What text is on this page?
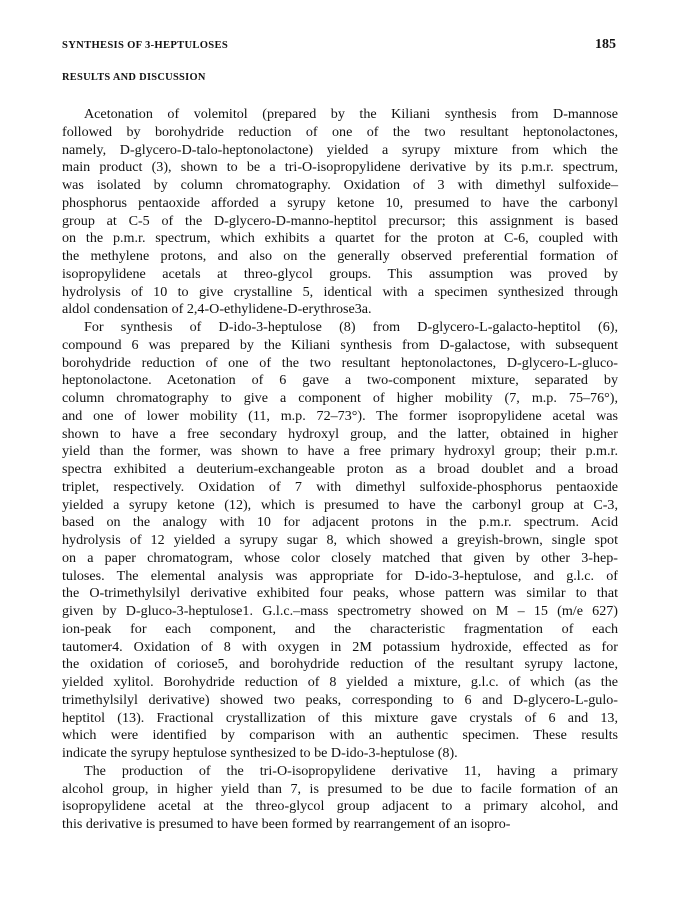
SYNTHESIS OF 3-HEPTULOSES	185
RESULTS AND DISCUSSION
Acetonation of volemitol (prepared by the Kiliani synthesis from D-mannose
followed by borohydride reduction of one of the two resultant heptonolactones,
namely, D-glycero-D-talo-heptonolactone) yielded a syrupy mixture from which the
main product (3), shown to be a tri-O-isopropylidene derivative by its p.m.r. spectrum,
was isolated by column chromatography. Oxidation of 3 with dimethyl sulfoxide–
phosphorus pentaoxide afforded a syrupy ketone 10, presumed to have the carbonyl
group at C-5 of the D-glycero-D-manno-heptitol precursor; this assignment is based
on the p.m.r. spectrum, which exhibits a quartet for the proton at C-6, coupled with
the methylene protons, and also on the generally observed preferential formation of
isopropylidene acetals at threo-glycol groups. This assumption was proved by
hydrolysis of 10 to give crystalline 5, identical with a specimen synthesized through
aldol condensation of 2,4-O-ethylidene-D-erythrose3a.
For synthesis of D-ido-3-heptulose (8) from D-glycero-L-galacto-heptitol (6),
compound 6 was prepared by the Kiliani synthesis from D-galactose, with subsequent
borohydride reduction of one of the two resultant heptonolactones, D-glycero-L-gluco-
heptonolactone. Acetonation of 6 gave a two-component mixture, separated by
column chromatography to give a component of higher mobility (7, m.p. 75–76°),
and one of lower mobility (11, m.p. 72–73°). The former isopropylidene acetal was
shown to have a free secondary hydroxyl group, and the latter, obtained in higher
yield than the former, was shown to have a free primary hydroxyl group; their p.m.r.
spectra exhibited a deuterium-exchangeable proton as a broad doublet and a broad
triplet, respectively. Oxidation of 7 with dimethyl sulfoxide-phosphorus pentaoxide
yielded a syrupy ketone (12), which is presumed to have the carbonyl group at C-3,
based on the analogy with 10 for adjacent protons in the p.m.r. spectrum. Acid
hydrolysis of 12 yielded a syrupy sugar 8, which showed a greyish-brown, single spot
on a paper chromatogram, whose color closely matched that given by other 3-hep-
tuloses. The elemental analysis was appropriate for D-ido-3-heptulose, and g.l.c. of
the O-trimethylsilyl derivative exhibited four peaks, whose pattern was similar to that
given by D-gluco-3-heptulose1. G.l.c.–mass spectrometry showed on M – 15 (m/e 627)
ion-peak for each component, and the characteristic fragmentation of each
tautomer4. Oxidation of 8 with oxygen in 2M potassium hydroxide, effected as for
the oxidation of coriose5, and borohydride reduction of the resultant syrupy lactone,
yielded xylitol. Borohydride reduction of 8 yielded a mixture, g.l.c. of which (as the
trimethylsilyl derivative) showed two peaks, corresponding to 6 and D-glycero-L-gulo-
heptitol (13). Fractional crystallization of this mixture gave crystals of 6 and 13,
which were identified by comparison with an authentic specimen. These results
indicate the syrupy heptulose synthesized to be D-ido-3-heptulose (8).
The production of the tri-O-isopropylidene derivative 11, having a primary
alcohol group, in higher yield than 7, is presumed to be due to facile formation of an
isopropylidene acetal at the threo-glycol group adjacent to a primary alcohol, and
this derivative is presumed to have been formed by rearrangement of an isopro-
